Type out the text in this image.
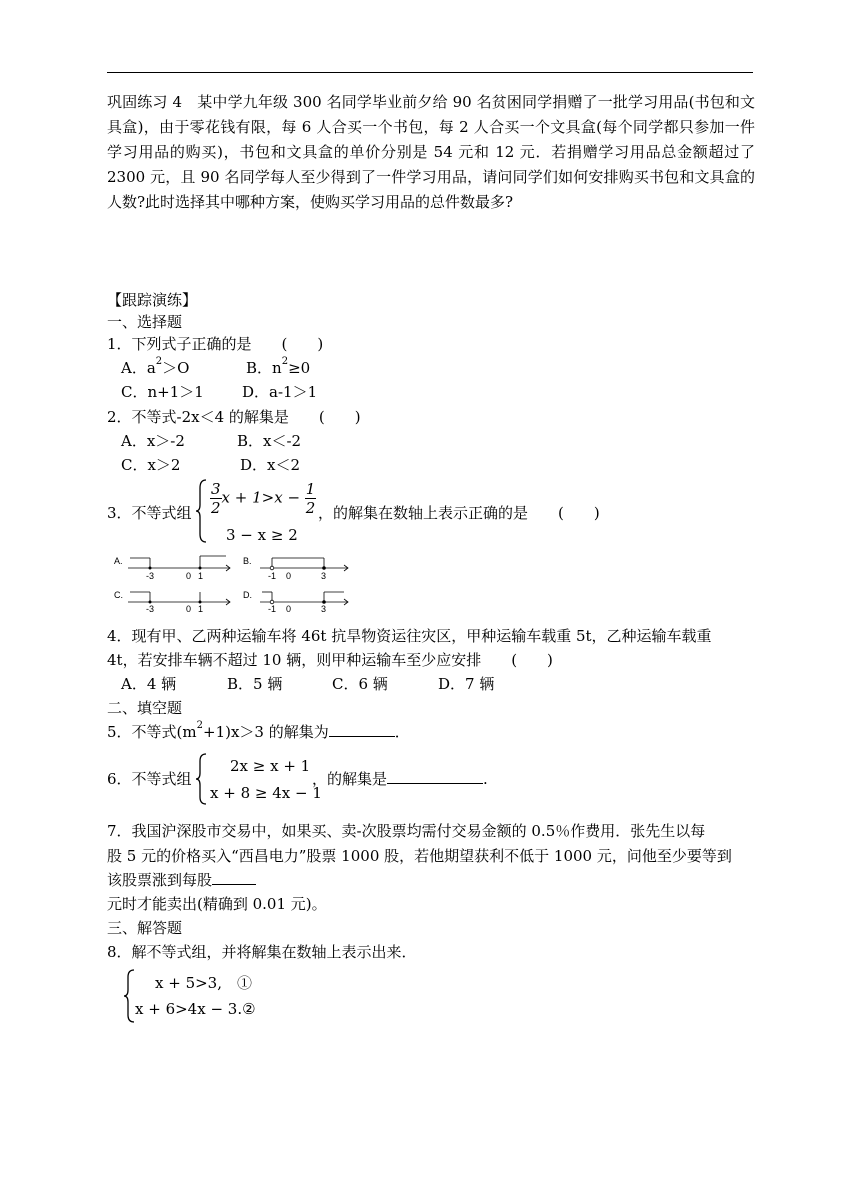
巩固练习 4　某中学九年级 300 名同学毕业前夕给 90 名贫困同学捐赠了一批学习用品(书包和文具盒)，由于零花钱有限，每 6 人合买一个书包，每 2 人合买一个文具盒(每个同学都只参加一件学习用品的购买)，书包和文具盒的单价分别是 54 元和 12 元．若捐赠学习用品总金额超过了 2300 元，且 90 名同学每人至少得到了一件学习用品，请问同学们如何安排购买书包和文具盒的人数?此时选择其中哪种方案，使购买学习用品的总件数最多?
【跟踪演练】
一、选择题
1．下列式子正确的是　　(　　)
A．$a^2>O$	B．$n^2\ge 0$
C．n+1＞1	D．a-1＞1
2．不等式-2x＜4 的解集是　　(　　)
A．x＞-2	B．x＜-2
C．x＞2	D．x＜2
3．不等式组 $\frac{3}{2}$ $x + 1>x - \frac{1}{2}$
3 − x ≥ 2
，的解集在数轴上表示正确的是　　(　　)
A.
-3	0 1
B.
-1 0	3
C.
-3	0 1
D.
-1 0	3
4．现有甲、乙两种运输车将 46t 抗旱物资运往灾区，甲种运输车载重 5t，乙种运输车载重
4t，若安排车辆不超过 10 辆，则甲种运输车至少应安排　　(　　)
A．4 辆	B．5 辆	C．6 辆	D．7 辆
二、填空题
5．不等式$(m^2+1)x>3$ 的解集为	．
6．不等式组
2x ≥ x + 1
x + 8 ≥ 4x − 1
，的解集是	.
7．我国沪深股市交易中，如果买、卖-次股票均需付交易金额的 0.5％作费用．张先生以每
股 5 元的价格买入“西昌电力”股票 1000 股，若他期望获利不低于 1000 元，问他至少要等到
该股票涨到每股
元时才能卖出(精确到 0.01 元)。
三、解答题
8．解不等式组，并将解集在数轴上表示出来．
x + 5>3,　①
x + 6>4x − 3.②
